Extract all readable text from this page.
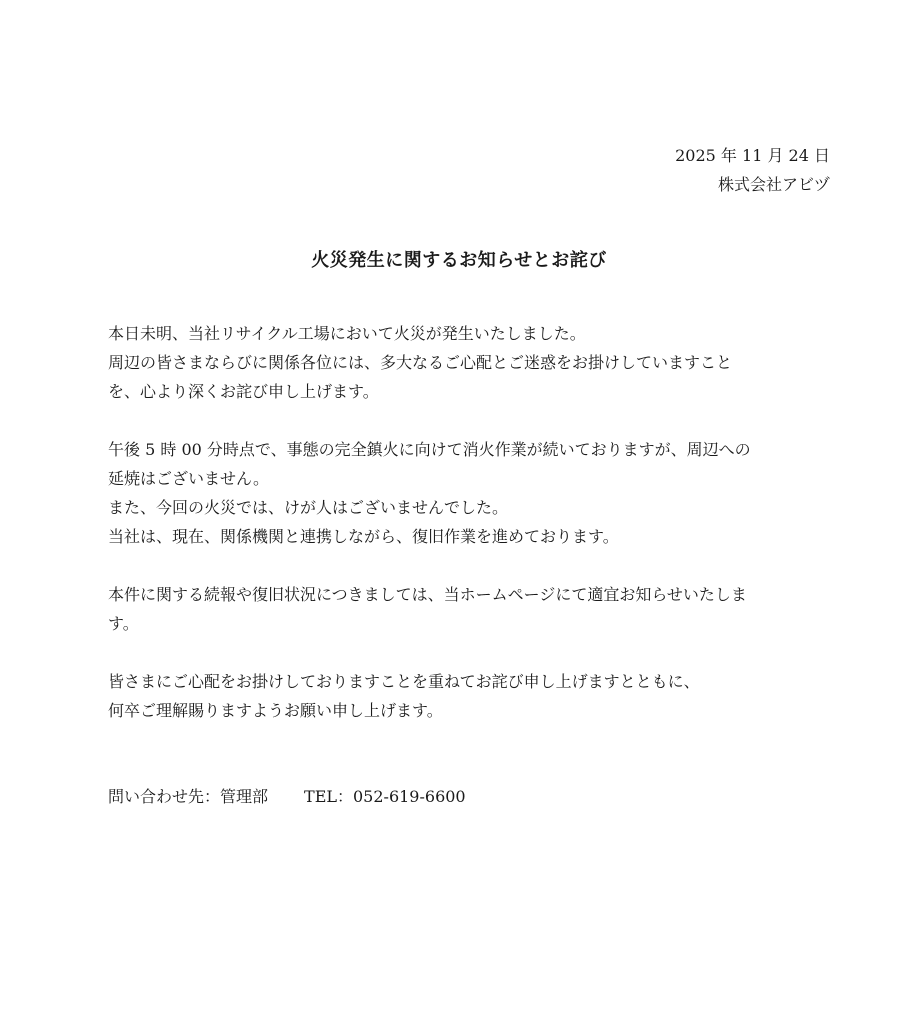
2025 年 11 月 24 日
株式会社アビヅ
火災発生に関するお知らせとお詫び

本日未明、当社リサイクル工場において火災が発生いたしました。

周辺の皆さまならびに関係各位には、多大なるご心配とご迷惑をお掛けしていますこと

を、心より深くお詫び申し上げます。

午後 5 時 00 分時点で、事態の完全鎮火に向けて消火作業が続いておりますが、周辺への

延焼はございません。

また、今回の火災では、けが人はございませんでした。

当社は、現在、関係機関と連携しながら、復旧作業を進めております。

本件に関する続報や復旧状況につきましては、当ホームページにて適宜お知らせいたしま

す。

皆さまにご心配をお掛けしておりますことを重ねてお詫び申し上げますとともに、

何卒ご理解賜りますようお願い申し上げます。

問い合わせ先：管理部 TEL：052-619-6600
